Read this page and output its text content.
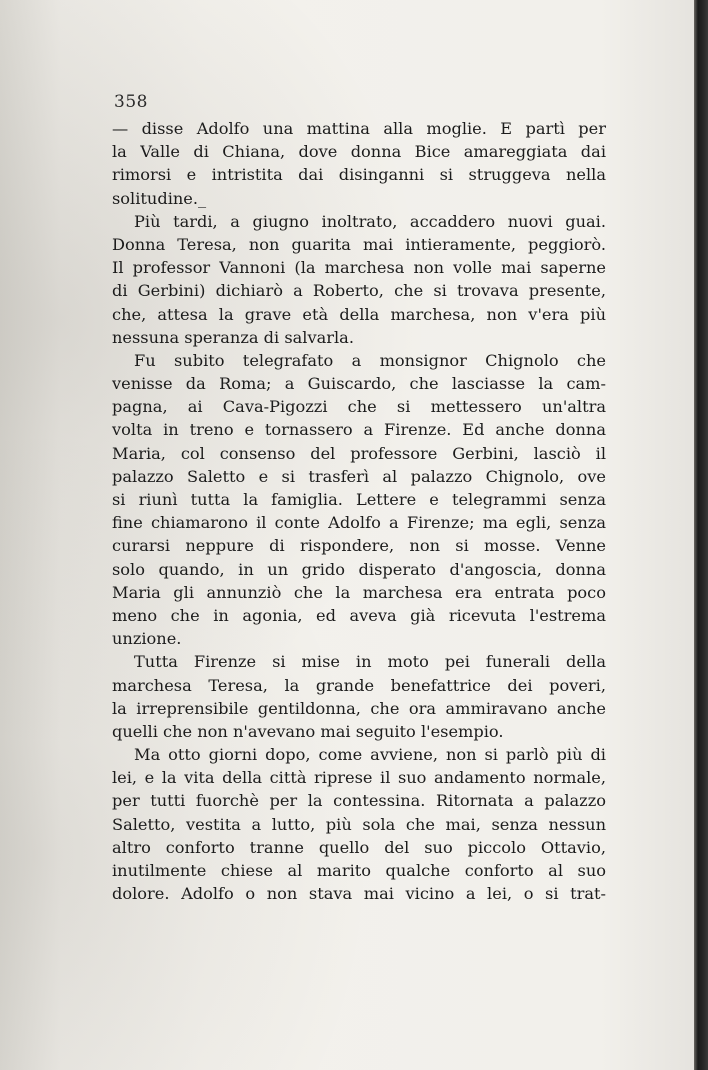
358
— disse Adolfo una mattina alla moglie. E partì per
la Valle di Chiana, dove donna Bice amareggiata dai
rimorsi e intristita dai disinganni si struggeva nella
solitudine._
Più tardi, a giugno inoltrato, accaddero nuovi guai.
Donna Teresa, non guarita mai intieramente, peggiorò.
Il professor Vannoni (la marchesa non volle mai saperne
di Gerbini) dichiarò a Roberto, che si trovava presente,
che, attesa la grave età della marchesa, non v'era più
nessuna speranza di salvarla.
Fu subito telegrafato a monsignor Chignolo che
venisse da Roma; a Guiscardo, che lasciasse la cam-
pagna, ai Cava-Pigozzi che si mettessero un'altra
volta in treno e tornassero a Firenze. Ed anche donna
Maria, col consenso del professore Gerbini, lasciò il
palazzo Saletto e si trasferì al palazzo Chignolo, ove
si riunì tutta la famiglia. Lettere e telegrammi senza
fine chiamarono il conte Adolfo a Firenze; ma egli, senza
curarsi neppure di rispondere, non si mosse. Venne
solo quando, in un grido disperato d'angoscia, donna
Maria gli annunziò che la marchesa era entrata poco
meno che in agonia, ed aveva già ricevuta l'estrema
unzione.
Tutta Firenze si mise in moto pei funerali della
marchesa Teresa, la grande benefattrice dei poveri,
la irreprensibile gentildonna, che ora ammiravano anche
quelli che non n'avevano mai seguito l'esempio.
Ma otto giorni dopo, come avviene, non si parlò più di
lei, e la vita della città riprese il suo andamento normale,
per tutti fuorchè per la contessina. Ritornata a palazzo
Saletto, vestita a lutto, più sola che mai, senza nessun
altro conforto tranne quello del suo piccolo Ottavio,
inutilmente chiese al marito qualche conforto al suo
dolore. Adolfo o non stava mai vicino a lei, o si trat-
